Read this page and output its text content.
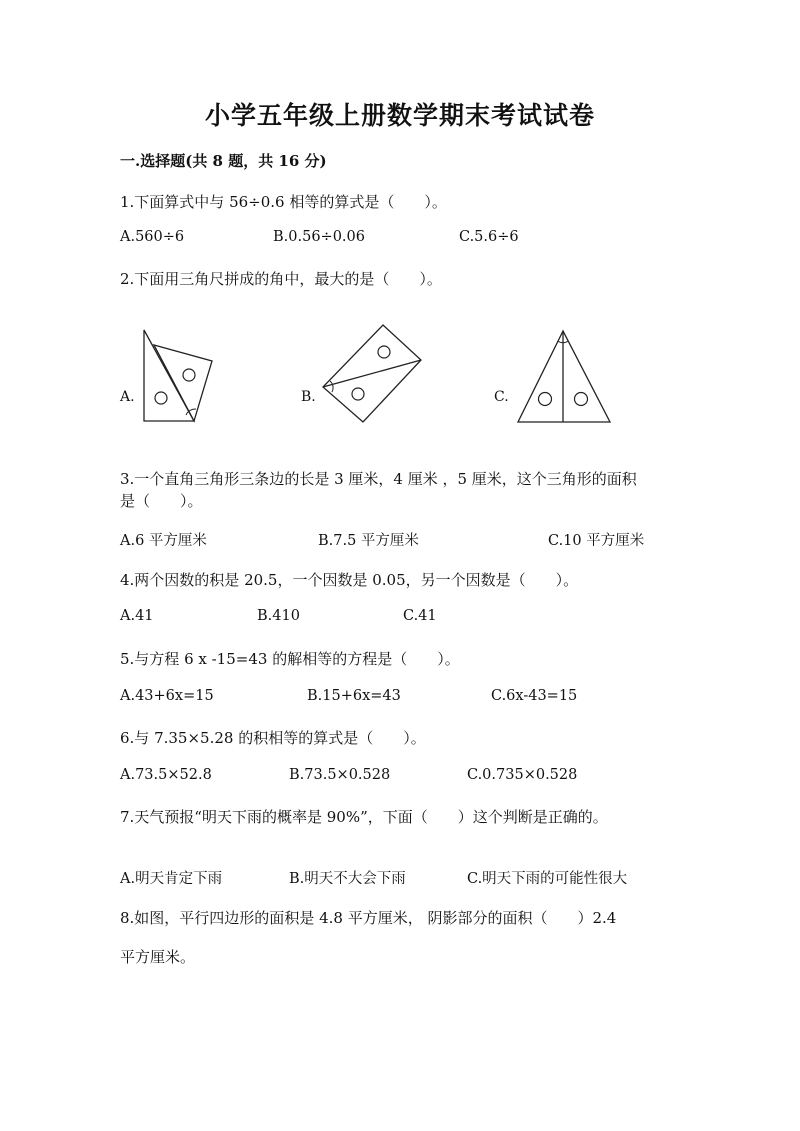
小学五年级上册数学期末考试试卷
一.选择题(共 8 题，共 16 分)
1.下面算式中与 56÷0.6 相等的算式是（　　）。
A.560÷6	B.0.56÷0.06	C.5.6÷6
2.下面用三角尺拼成的角中，最大的是（　　）。
A.	B.	C.
3.一个直角三角形三条边的长是 3 厘米，4 厘米 ，5 厘米，这个三角形的面积
是（　　）。
A.6 平方厘米	B.7.5 平方厘米	C.10 平方厘米
4.两个因数的积是 20.5，一个因数是 0.05，另一个因数是（　　）。
A.41	B.410	C.41
5.与方程 6 x -15=43 的解相等的方程是（　　）。
A.43+6x=15	B.15+6x=43	C.6x-43=15
6.与 7.35×5.28 的积相等的算式是（　　）。
A.73.5×52.8	B.73.5×0.528	C.0.735×0.528
7.天气预报“明天下雨的概率是 90%”，下面（　　）这个判断是正确的。
A.明天肯定下雨	B.明天不大会下雨	C.明天下雨的可能性很大
8.如图，平行四边形的面积是 4.8 平方厘米， 阴影部分的面积（　　）2.4
平方厘米。
